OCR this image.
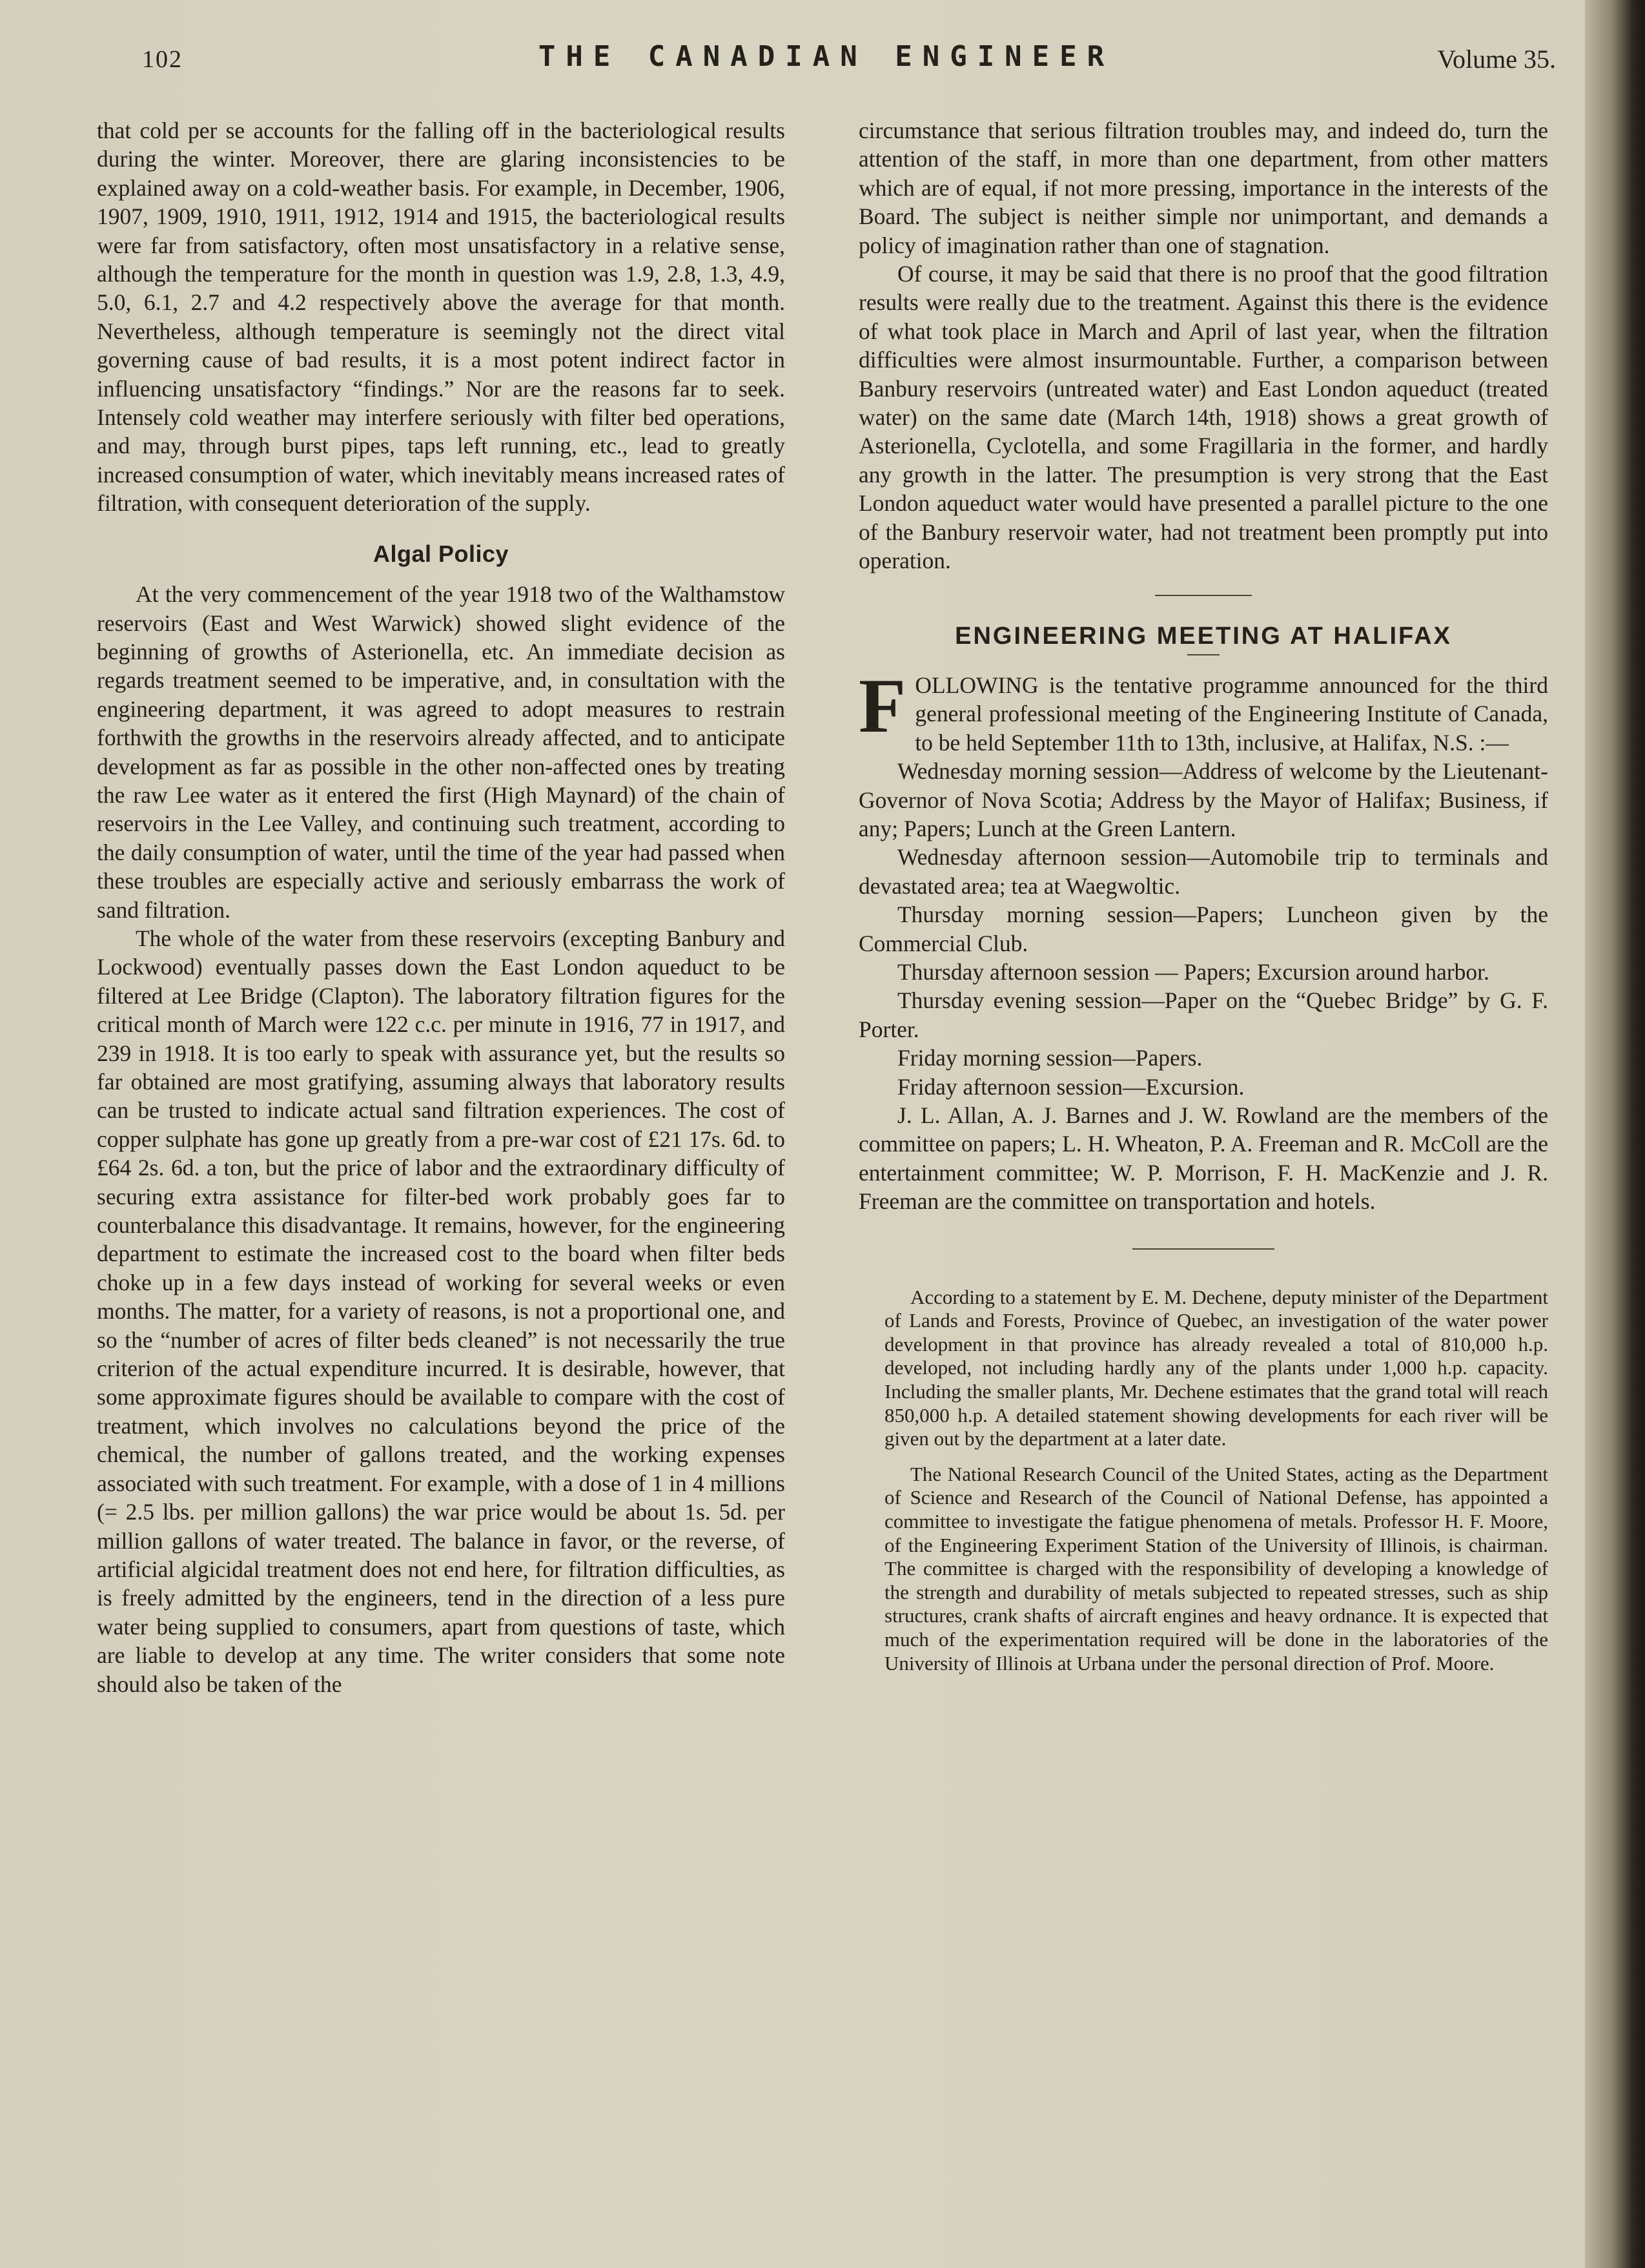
102	THE CANADIAN ENGINEER	Volume 35.

that cold per se accounts for the falling off in the bacteriological results during the winter. Moreover, there are glaring inconsistencies to be explained away on a cold-weather basis. For example, in December, 1906, 1907, 1909, 1910, 1911, 1912, 1914 and 1915, the bacteriological results were far from satisfactory, often most unsatisfactory in a relative sense, although the temperature for the month in question was 1.9, 2.8, 1.3, 4.9, 5.0, 6.1, 2.7 and 4.2 respectively above the average for that month. Nevertheless, although temperature is seemingly not the direct vital governing cause of bad results, it is a most potent indirect factor in influencing unsatisfactory “findings.” Nor are the reasons far to seek. Intensely cold weather may interfere seriously with filter bed operations, and may, through burst pipes, taps left running, etc., lead to greatly increased consumption of water, which inevitably means increased rates of filtration, with consequent deterioration of the supply.

Algal Policy

At the very commencement of the year 1918 two of the Walthamstow reservoirs (East and West Warwick) showed slight evidence of the beginning of growths of Asterionella, etc. An immediate decision as regards treatment seemed to be imperative, and, in consultation with the engineering department, it was agreed to adopt measures to restrain forthwith the growths in the reservoirs already affected, and to anticipate development as far as possible in the other non-affected ones by treating the raw Lee water as it entered the first (High Maynard) of the chain of reservoirs in the Lee Valley, and continuing such treatment, according to the daily consumption of water, until the time of the year had passed when these troubles are especially active and seriously embarrass the work of sand filtration.

The whole of the water from these reservoirs (excepting Banbury and Lockwood) eventually passes down the East London aqueduct to be filtered at Lee Bridge (Clapton). The laboratory filtration figures for the critical month of March were 122 c.c. per minute in 1916, 77 in 1917, and 239 in 1918. It is too early to speak with assurance yet, but the results so far obtained are most gratifying, assuming always that laboratory results can be trusted to indicate actual sand filtration experiences. The cost of copper sulphate has gone up greatly from a pre-war cost of £21 17s. 6d. to £64 2s. 6d. a ton, but the price of labor and the extraordinary difficulty of securing extra assistance for filter-bed work probably goes far to counterbalance this disadvantage. It remains, however, for the engineering department to estimate the increased cost to the board when filter beds choke up in a few days instead of working for several weeks or even months. The matter, for a variety of reasons, is not a proportional one, and so the “number of acres of filter beds cleaned” is not necessarily the true criterion of the actual expenditure incurred. It is desirable, however, that some approximate figures should be available to compare with the cost of treatment, which involves no calculations beyond the price of the chemical, the number of gallons treated, and the working expenses associated with such treatment. For example, with a dose of 1 in 4 millions (= 2.5 lbs. per million gallons) the war price would be about 1s. 5d. per million gallons of water treated. The balance in favor, or the reverse, of artificial algicidal treatment does not end here, for filtration difficulties, as is freely admitted by the engineers, tend in the direction of a less pure water being supplied to consumers, apart from questions of taste, which are liable to develop at any time. The writer considers that some note should also be taken of the

circumstance that serious filtration troubles may, and indeed do, turn the attention of the staff, in more than one department, from other matters which are of equal, if not more pressing, importance in the interests of the Board. The subject is neither simple nor unimportant, and demands a policy of imagination rather than one of stagnation.

Of course, it may be said that there is no proof that the good filtration results were really due to the treatment. Against this there is the evidence of what took place in March and April of last year, when the filtration difficulties were almost insurmountable. Further, a comparison between Banbury reservoirs (untreated water) and East London aqueduct (treated water) on the same date (March 14th, 1918) shows a great growth of Asterionella, Cyclotella, and some Fragillaria in the former, and hardly any growth in the latter. The presumption is very strong that the East London aqueduct water would have presented a parallel picture to the one of the Banbury reservoir water, had not treatment been promptly put into operation.

ENGINEERING MEETING AT HALIFAX

FOLLOWING is the tentative programme announced for the third general professional meeting of the Engineering Institute of Canada, to be held September 11th to 13th, inclusive, at Halifax, N.S. :—

Wednesday morning session—Address of welcome by the Lieutenant-Governor of Nova Scotia; Address by the Mayor of Halifax; Business, if any; Papers; Lunch at the Green Lantern.

Wednesday afternoon session—Automobile trip to terminals and devastated area; tea at Waegwoltic.

Thursday morning session—Papers; Luncheon given by the Commercial Club.

Thursday afternoon session — Papers; Excursion around harbor.

Thursday evening session—Paper on the “Quebec Bridge” by G. F. Porter.

Friday morning session—Papers.

Friday afternoon session—Excursion.

J. L. Allan, A. J. Barnes and J. W. Rowland are the members of the committee on papers; L. H. Wheaton, P. A. Freeman and R. McColl are the entertainment committee; W. P. Morrison, F. H. MacKenzie and J. R. Freeman are the committee on transportation and hotels.

According to a statement by E. M. Dechene, deputy minister of the Department of Lands and Forests, Province of Quebec, an investigation of the water power development in that province has already revealed a total of 810,000 h.p. developed, not including hardly any of the plants under 1,000 h.p. capacity. Including the smaller plants, Mr. Dechene estimates that the grand total will reach 850,000 h.p. A detailed statement showing developments for each river will be given out by the department at a later date.

The National Research Council of the United States, acting as the Department of Science and Research of the Council of National Defense, has appointed a committee to investigate the fatigue phenomena of metals. Professor H. F. Moore, of the Engineering Experiment Station of the University of Illinois, is chairman. The committee is charged with the responsibility of developing a knowledge of the strength and durability of metals subjected to repeated stresses, such as ship structures, crank shafts of aircraft engines and heavy ordnance. It is expected that much of the experimentation required will be done in the laboratories of the University of Illinois at Urbana under the personal direction of Prof. Moore.
